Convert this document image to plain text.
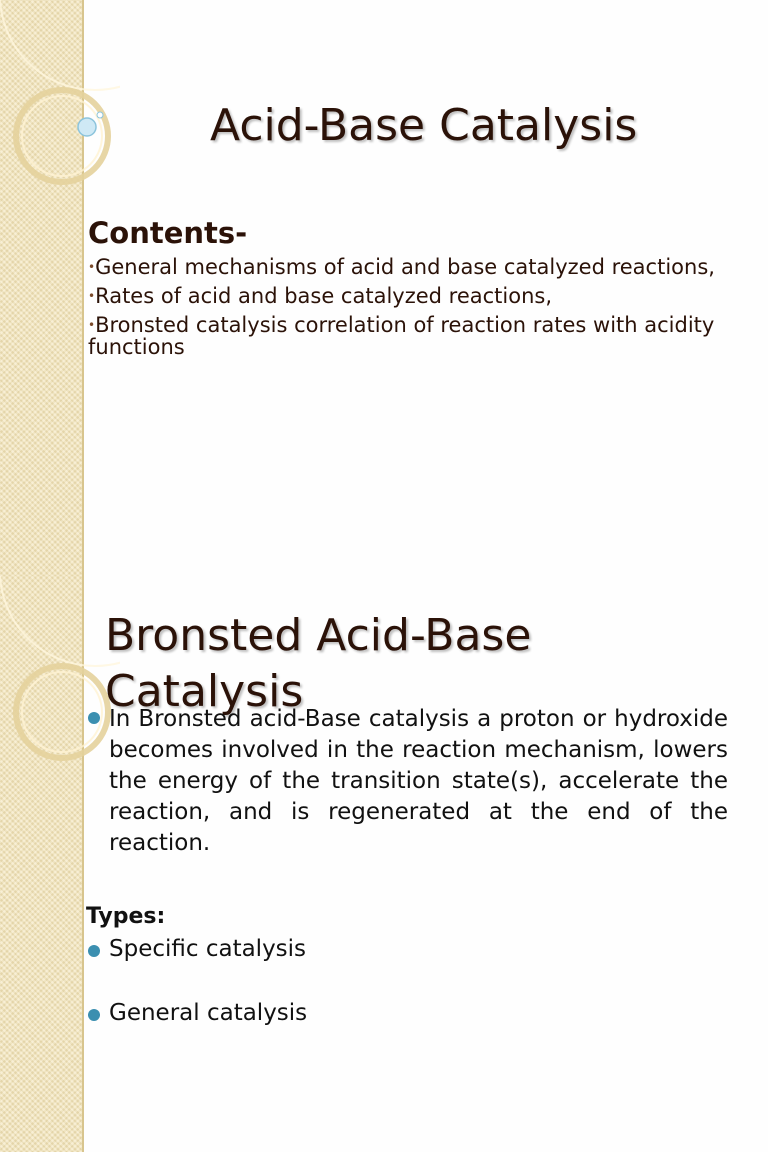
Acid-Base Catalysis
Contents-
•General mechanisms of acid and base catalyzed reactions,
•Rates of acid and base catalyzed reactions,
•Bronsted catalysis correlation of reaction rates with acidity functions
Bronsted Acid-Base Catalysis
In Bronsted acid-Base catalysis a proton or hydroxide becomes involved in the reaction mechanism, lowers the energy of the transition state(s), accelerate the reaction, and is regenerated at the end of the reaction.
Types:
Specific catalysis
General catalysis
